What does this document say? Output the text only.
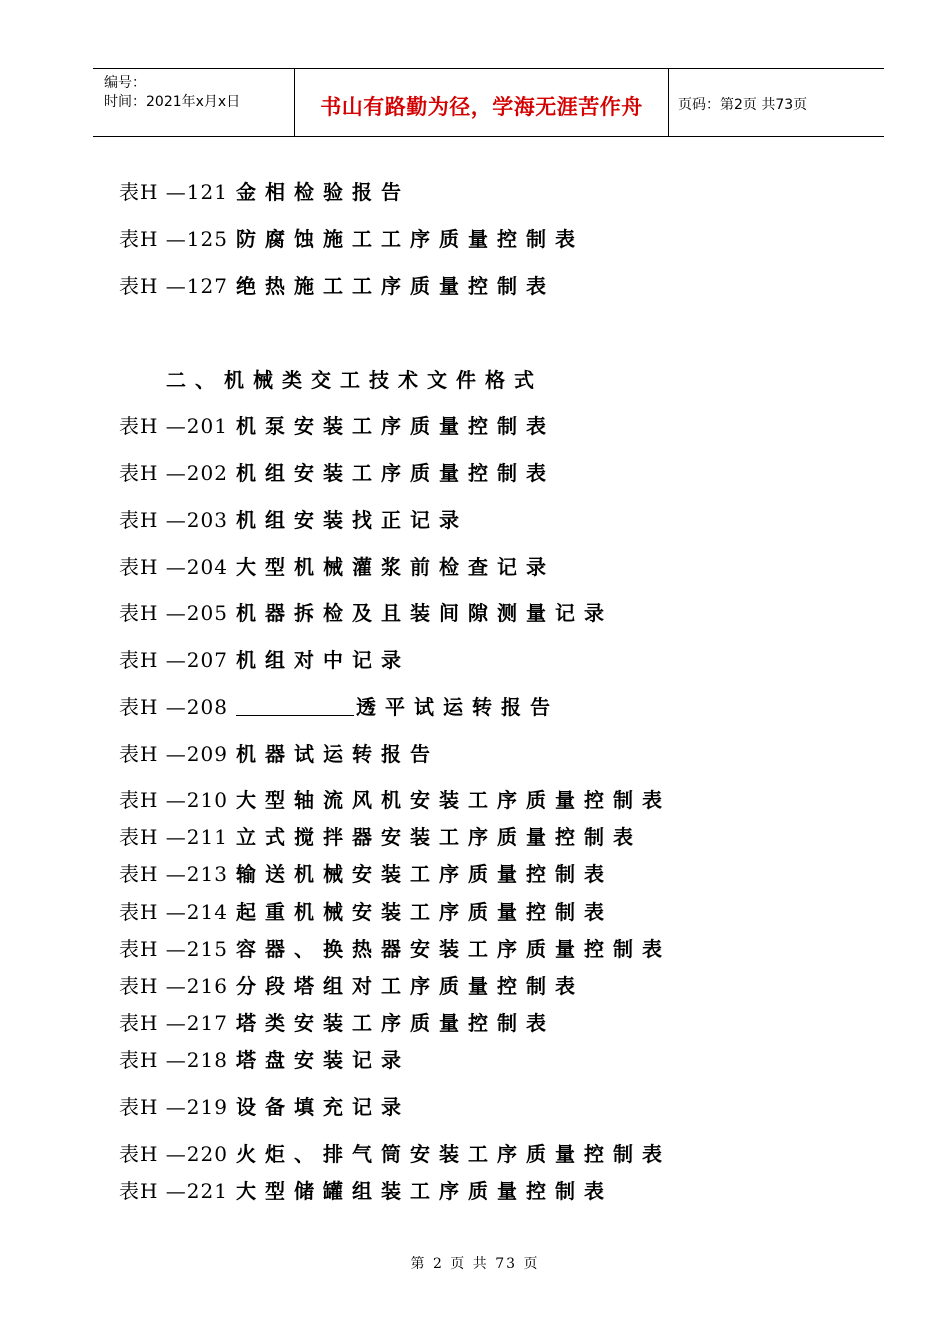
编号：
时间：2021年x月x日	书山有路勤为径，学海无涯苦作舟	页码：第2页 共73页
表H —121 金相检验报告
表H —125 防腐蚀施工工序质量控制表
表H —127 绝热施工工序质量控制表
二、机械类交工技术文件格式
表H —201 机泵安装工序质量控制表
表H —202 机组安装工序质量控制表
表H —203 机组安装找正记录
表H —204 大型机械灌浆前检查记录
表H —205 机器拆检及且装间隙测量记录
表H —207 机组对中记录
表H —208	透平试运转报告
表H —209 机器试运转报告
表H —210 大型轴流风机安装工序质量控制表
表H —211 立式搅拌器安装工序质量控制表
表H —213 输送机械安装工序质量控制表
表H —214 起重机械安装工序质量控制表
表H —215 容器、换热器安装工序质量控制表
表H —216 分段塔组对工序质量控制表
表H —217 塔类安装工序质量控制表
表H —218 塔盘安装记录
表H —219 设备填充记录
表H —220 火炬、排气筒安装工序质量控制表
表H —221 大型储罐组装工序质量控制表
第 2 页 共 73 页
